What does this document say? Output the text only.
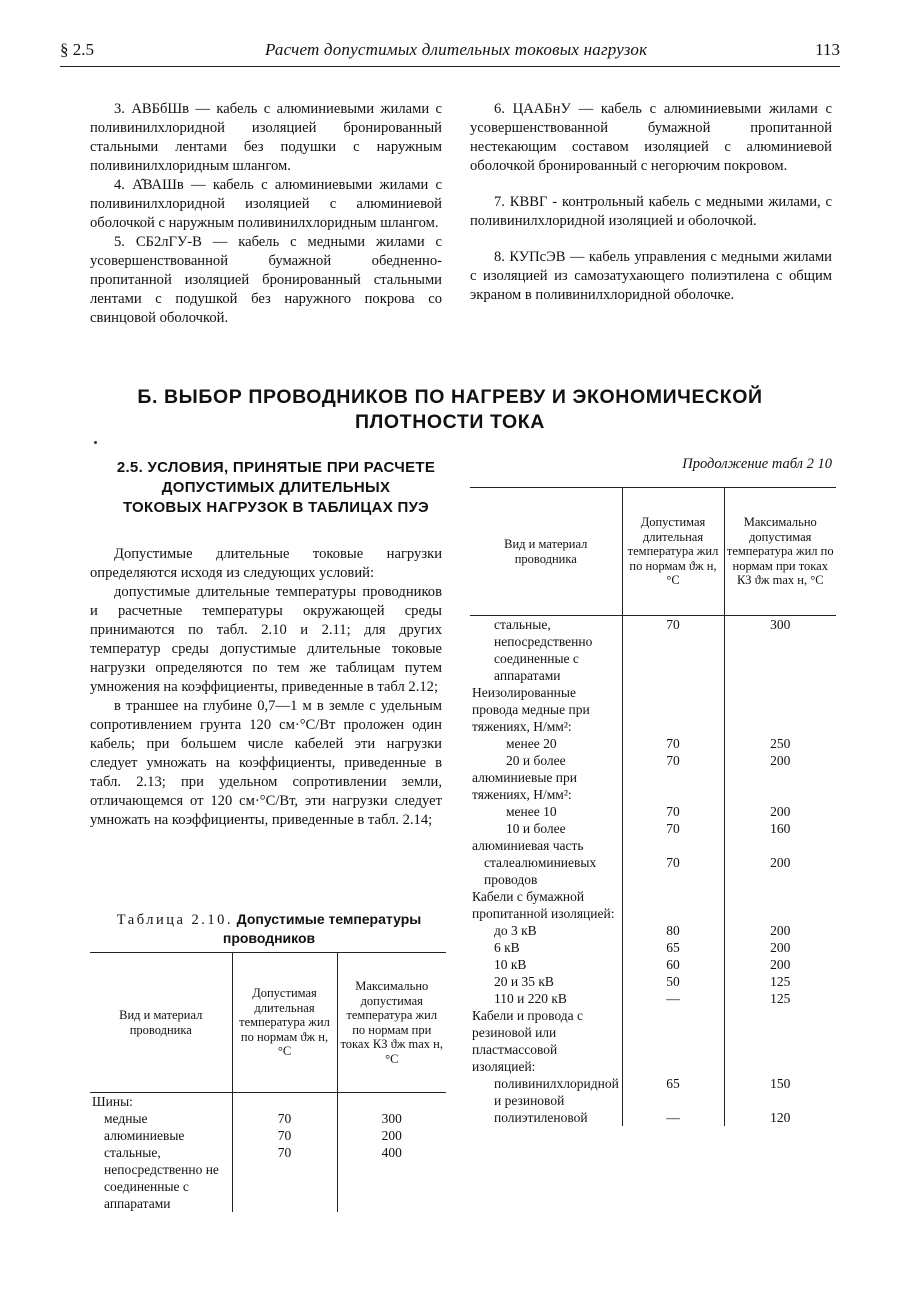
§ 2.5	Расчет допустимых длительных токовых нагрузок	113

3. АВБбШв — кабель с алюминиевыми жилами с поливинилхлоридной изоляцией бронированный стальными лентами без подушки с наружным поливинилхлоридным шлангом.

4. А̂ВАШв — кабель с алюминиевыми жилами с поливинилхлоридной изоляцией с алюминиевой оболочкой с наружным поливинилхлоридным шлангом.

5. СБ2лГУ-В — кабель с медными жилами с усовершенствованной бумажной обедненно-пропитанной изоляцией бронированный стальными лентами с подушкой без наружного покрова со свинцовой оболочкой.

6. ЦААБнУ — кабель с алюминиевыми жилами с усовершенствованной бумажной пропитанной нестекающим составом изоляцией с алюминиевой оболочкой бронированный с негорючим покровом.

7. КВВГ - контрольный кабель с медными жилами, с поливинилхлоридной изоляцией и оболочкой.

8. КУПсЭВ — кабель управления с медными жилами с изоляцией из самозатухающего полиэтилена с общим экраном в поливинилхлоридной оболочке.

Б. ВЫБОР ПРОВОДНИКОВ ПО НАГРЕВУ И ЭКОНОМИЧЕСКОЙ
ПЛОТНОСТИ ТОКА
2.5. УСЛОВИЯ, ПРИНЯТЫЕ ПРИ РАСЧЕТЕ
ДОПУСТИМЫХ ДЛИТЕЛЬНЫХ
ТОКОВЫХ НАГРУЗОК В ТАБЛИЦАХ ПУЭ

Допустимые длительные токовые нагрузки определяются исходя из следующих условий:

допустимые длительные температуры проводников и расчетные температуры окружающей среды принимаются по табл. 2.10 и 2.11; для других температур среды допустимые длительные токовые нагрузки определяются по тем же таблицам путем умножения на коэффициенты, приведенные в табл 2.12;

в траншее на глубине 0,7—1 м в земле с удельным сопротивлением грунта 120 см·°С/Вт проложен один кабель; при большем числе кабелей эти нагрузки следует умножать на коэффициенты, приведенные в табл. 2.13; при удельном сопротивлении земли, отличающемся от 120 см·°С/Вт, эти нагрузки следует умножать на коэффициенты, приведенные в табл. 2.14;

Таблица 2.10. Допустимые температуры проводников
Вид и материал проводника	Допустимая длительная температура жил по нормам ϑж н, °С	Максимально допустимая температура жил по нормам при токах КЗ ϑж max н, °С
Шины:		
медные	70	300
алюминиевые	70	200
стальные, непосредственно не соединенные с аппаратами	70	400
Продолжение табл 2 10
Вид и материал проводника	Допустимая длительная температура жил по нормам ϑж н, °С	Максимально допустимая температура жил по нормам при токах КЗ ϑж max н, °С
стальные, непосредственно соединенные с аппаратами	70	300
Неизолированные провода медные при тяжениях, Н/мм²:		
менее 20	70	250
20 и более	70	200
алюминиевые при тяжениях, Н/мм²:		
менее 10	70	200
10 и более	70	160
алюминиевая часть		
сталеалюминиевых проводов	70	200
Кабели с бумажной пропитанной изоляцией:		
до 3 кВ	80	200
6 кВ	65	200
10 кВ	60	200
20 и 35 кВ	50	125
110 и 220 кВ	—	125
Кабели и провода с резиновой или пластмассовой изоляцией:		
поливинилхлоридной и резиновой	65	150
полиэтиленовой	—	120
